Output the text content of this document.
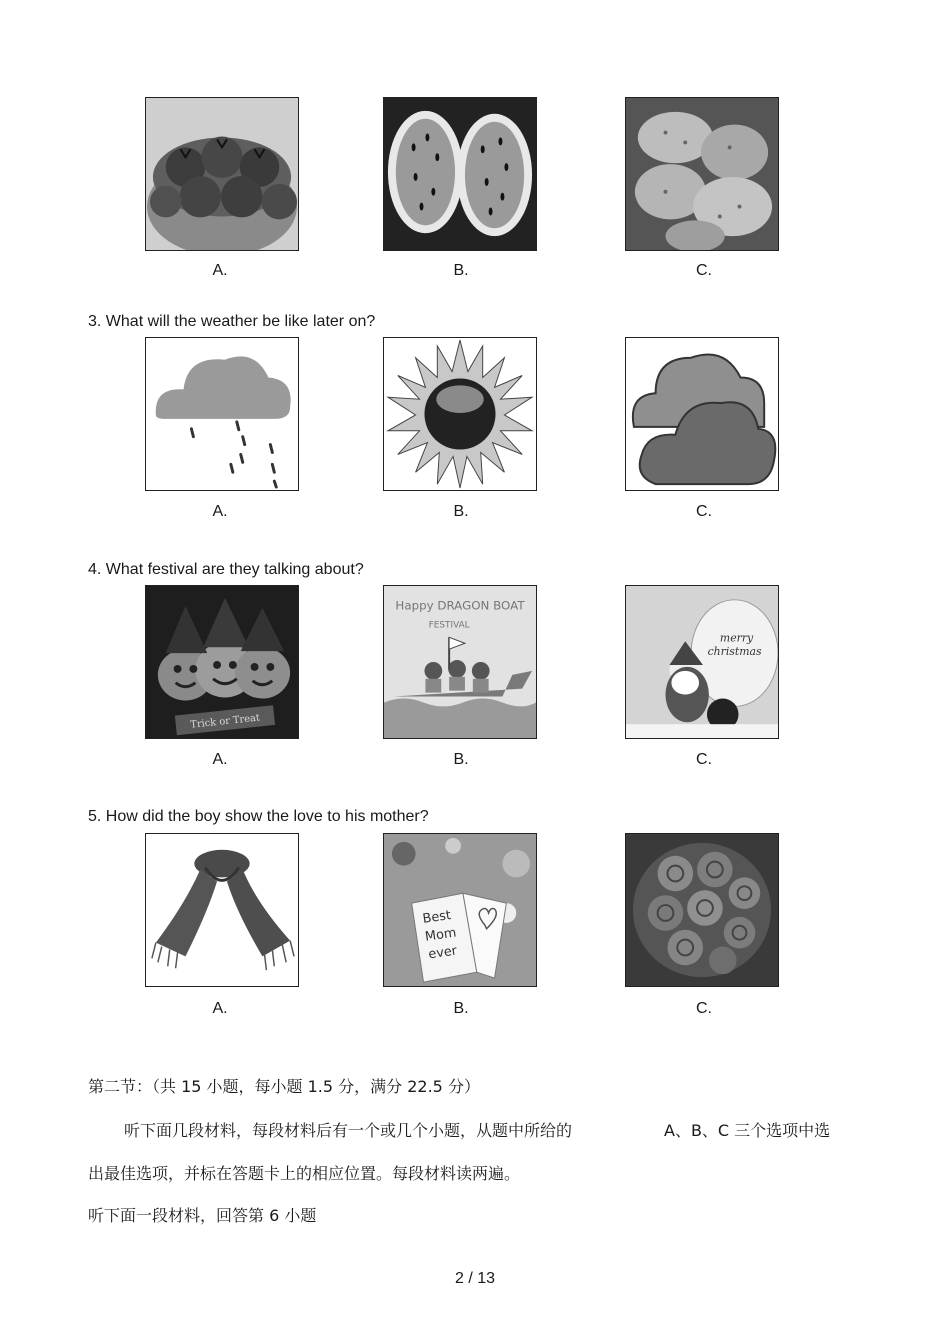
A.	B.	C.
3. What will the weather be like later on?
A.	B.	C.
4. What festival are they talking about?
Trick or Treat
Happy DRAGON BOAT
FESTIVAL
merry
christmas
A.	B.	C.
5. How did the boy show the love to his mother?
Best
Mom
ever
A.	B.	C.
第二节：（共 15 小题，每小题 1.5 分，满分 22.5 分）
听下面几段材料，每段材料后有一个或几个小题，从题中所给的	A、B、C 三个选项中选
出最佳选项，并标在答题卡上的相应位置。每段材料读两遍。
听下面一段材料，回答第 6 小题
2 / 13
